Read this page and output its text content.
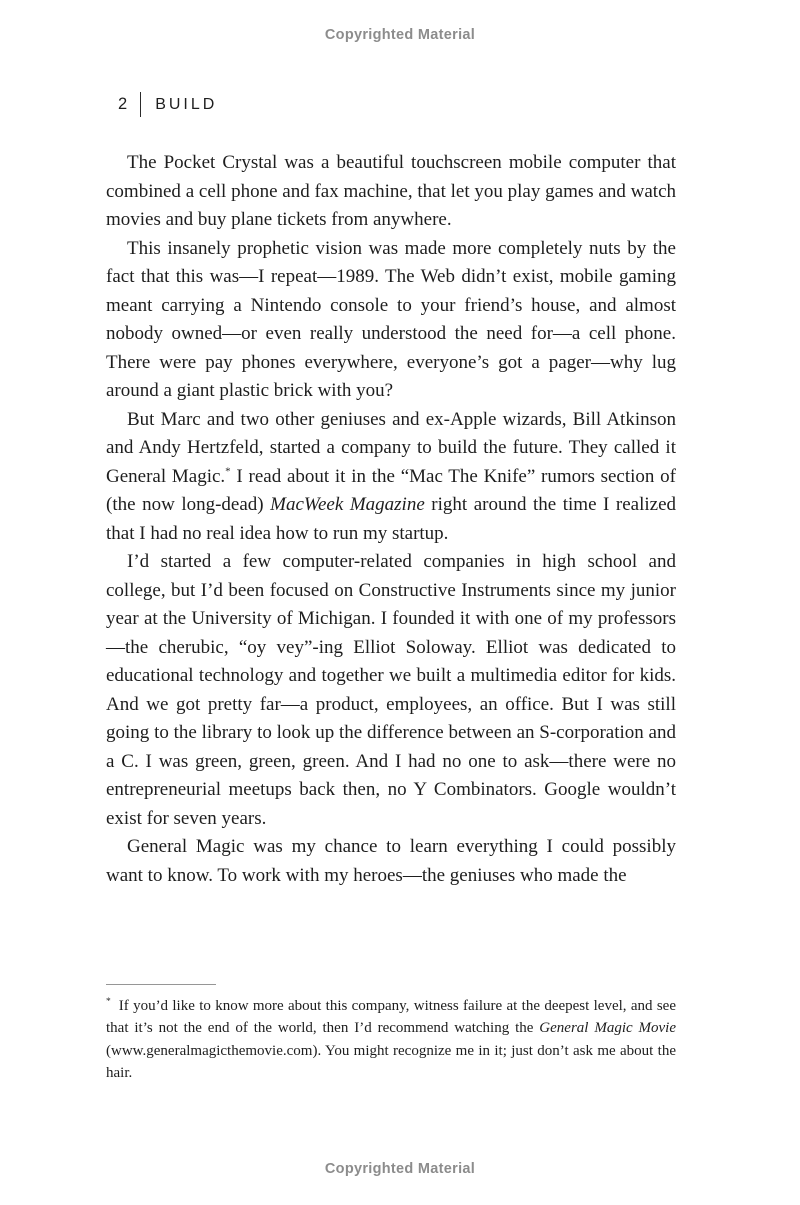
Copyrighted Material
2 BUILD

The Pocket Crystal was a beautiful touchscreen mobile computer that combined a cell phone and fax machine, that let you play games and watch movies and buy plane tickets from anywhere.

This insanely prophetic vision was made more completely nuts by the fact that this was—I repeat—1989. The Web didn’t exist, mobile gaming meant carrying a Nintendo console to your friend’s house, and almost nobody owned—or even really understood the need for—a cell phone. There were pay phones everywhere, everyone’s got a pager—why lug around a giant plastic brick with you?

But Marc and two other geniuses and ex-Apple wizards, Bill Atkinson and Andy Hertzfeld, started a company to build the future. They called it General Magic.* I read about it in the “Mac The Knife” rumors section of (the now long-dead) MacWeek Magazine right around the time I realized that I had no real idea how to run my startup.

I’d started a few computer-related companies in high school and college, but I’d been focused on Constructive Instruments since my junior year at the University of Michigan. I founded it with one of my professors—the cherubic, “oy vey”-ing Elliot Soloway. Elliot was dedicated to educational technology and together we built a multimedia editor for kids. And we got pretty far—a product, employees, an office. But I was still going to the library to look up the difference between an S-corporation and a C. I was green, green, green. And I had no one to ask—there were no entrepreneurial meetups back then, no Y Combinators. Google wouldn’t exist for seven years.

General Magic was my chance to learn everything I could possibly want to know. To work with my heroes—the geniuses who made the

* If you’d like to know more about this company, witness failure at the deepest level, and see that it’s not the end of the world, then I’d recommend watching the General Magic Movie (www.generalmagicthemovie.com). You might recognize me in it; just don’t ask me about the hair.

Copyrighted Material
